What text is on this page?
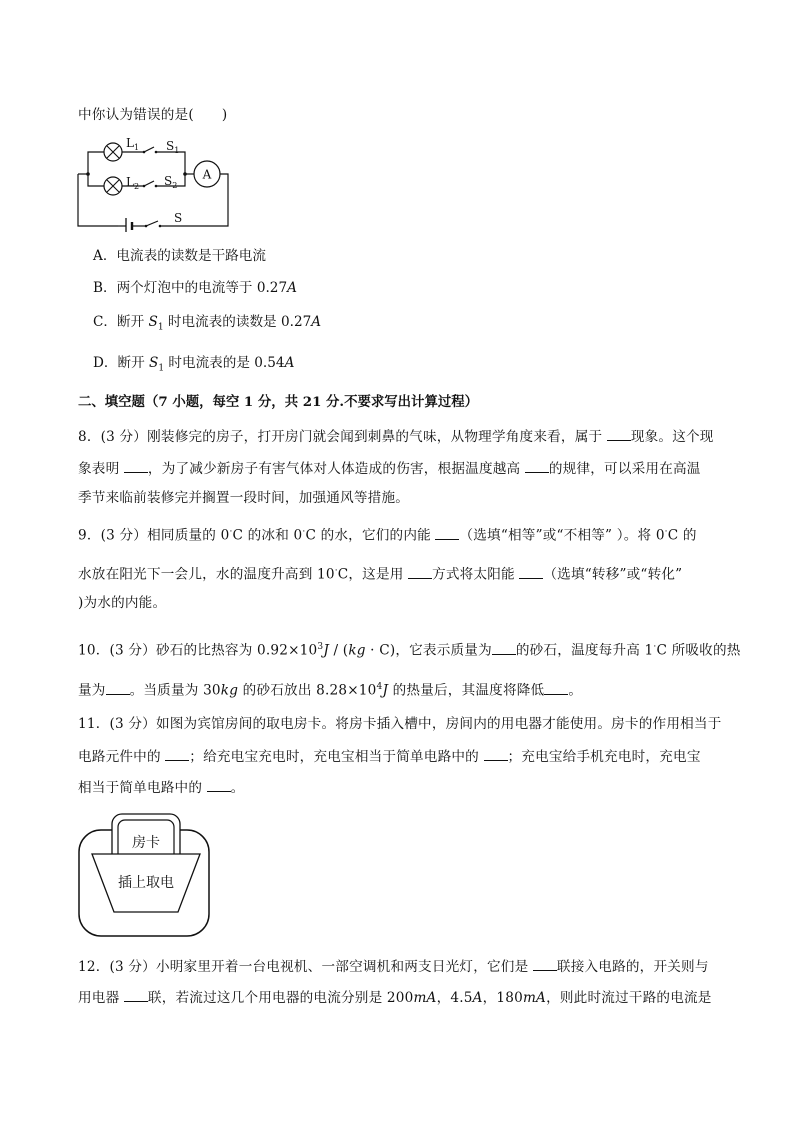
中你认为错误的是( )
A
$L_1$ $S_1$
$L_2$ $S_2$
S
A．电流表的读数是干路电流
B．两个灯泡中的电流等于 0.27A
C．断开 $S_1$ 时电流表的读数是 0.27A
D．断开 $S_1$ 时电流表的是 0.54A
二、填空题（7 小题，每空 1 分，共 21 分.不要求写出计算过程）
8．(3 分）刚装修完的房子，打开房门就会闻到刺鼻的气味，从物理学角度来看，属于 现象。这个现
象表明 ，为了减少新房子有害气体对人体造成的伤害，根据温度越高 的规律，可以采用在高温
季节来临前装修完并搁置一段时间，加强通风等措施。
9．(3 分）相同质量的 0·C 的冰和 0·C 的水，它们的内能 （选填“相等”或“不相等” ）。将 0·C 的
水放在阳光下一会儿，水的温度升高到 10·C，这是用 方式将太阳能 （选填“转移”或“转化”
)为水的内能。
10．(3 分）砂石的比热容为 $0.92\times 10^3J / (kg \cdot C)$，它表示质量为 的砂石，温度每升高 1·C 所吸收的热
量为 。当质量为 30kg 的砂石放出 $8.28\times 10^4J$ 的热量后，其温度将降低 。
11．(3 分）如图为宾馆房间的取电房卡。将房卡插入槽中，房间内的用电器才能使用。房卡的作用相当于
电路元件中的 ；给充电宝充电时，充电宝相当于简单电路中的 ；充电宝给手机充电时，充电宝
相当于简单电路中的 。
房卡
插上取电
12．(3 分）小明家里开着一台电视机、一部空调机和两支日光灯，它们是 联接入电路的，开关则与
用电器 联，若流过这几个用电器的电流分别是 200mA，4.5A，180mA，则此时流过干路的电流是
